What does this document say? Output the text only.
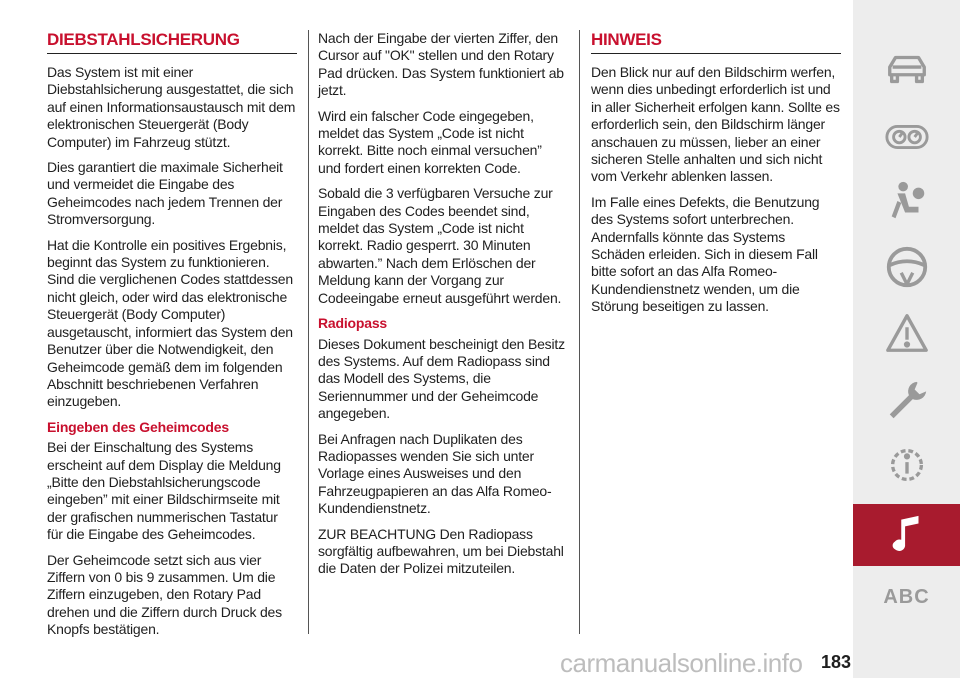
DIEBSTAHLSICHERUNG

Das System ist mit einer Diebstahlsicherung ausgestattet, die sich auf einen Informationsaustausch mit dem elektronischen Steuergerät (Body Computer) im Fahrzeug stützt.

Dies garantiert die maximale Sicherheit und vermeidet die Eingabe des Geheimcodes nach jedem Trennen der Stromversorgung.

Hat die Kontrolle ein positives Ergebnis, beginnt das System zu funktionieren. Sind die verglichenen Codes stattdessen nicht gleich, oder wird das elektronische Steuergerät (Body Computer) ausgetauscht, informiert das System den Benutzer über die Notwendigkeit, den Geheimcode gemäß dem im folgenden Abschnitt beschriebenen Verfahren einzugeben.

Eingeben des Geheimcodes

Bei der Einschaltung des Systems erscheint auf dem Display die Meldung „Bitte den Diebstahlsicherungscode eingeben” mit einer Bildschirmseite mit der grafischen nummerischen Tastatur für die Eingabe des Geheimcodes.

Der Geheimcode setzt sich aus vier Ziffern von 0 bis 9 zusammen. Um die Ziffern einzugeben, den Rotary Pad drehen und die Ziffern durch Druck des Knopfs bestätigen.

Nach der Eingabe der vierten Ziffer, den Cursor auf "OK" stellen und den Rotary Pad drücken. Das System funktioniert ab jetzt.

Wird ein falscher Code eingegeben, meldet das System „Code ist nicht korrekt. Bitte noch einmal versuchen” und fordert einen korrekten Code.

Sobald die 3 verfügbaren Versuche zur Eingaben des Codes beendet sind, meldet das System „Code ist nicht korrekt. Radio gesperrt. 30 Minuten abwarten.” Nach dem Erlöschen der Meldung kann der Vorgang zur Codeeingabe erneut ausgeführt werden.

Radiopass

Dieses Dokument bescheinigt den Besitz des Systems. Auf dem Radiopass sind das Modell des Systems, die Seriennummer und der Geheimcode angegeben.

Bei Anfragen nach Duplikaten des Radiopasses wenden Sie sich unter Vorlage eines Ausweises und den Fahrzeugpapieren an das Alfa Romeo-Kundendienstnetz.

ZUR BEACHTUNG Den Radiopass sorgfältig aufbewahren, um bei Diebstahl die Daten der Polizei mitzuteilen.

HINWEIS

Den Blick nur auf den Bildschirm werfen, wenn dies unbedingt erforderlich ist und in aller Sicherheit erfolgen kann. Sollte es erforderlich sein, den Bildschirm länger anschauen zu müssen, lieber an einer sicheren Stelle anhalten und sich nicht vom Verkehr ablenken lassen.

Im Falle eines Defekts, die Benutzung des Systems sofort unterbrechen. Andernfalls könnte das Systems Schäden erleiden. Sich in diesem Fall bitte sofort an das Alfa Romeo-Kundendienstnetz wenden, um die Störung beseitigen zu lassen.

ABC
carmanualsonline.info	183
